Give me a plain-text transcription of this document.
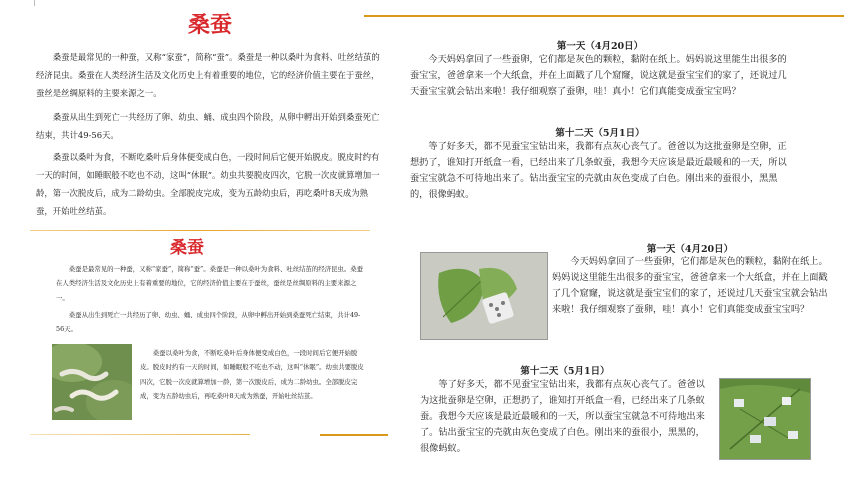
桑蚕

桑蚕是最常见的一种蚕，又称“家蚕”，简称“蚕”。桑蚕是一种以桑叶为食料、吐丝结茧的经济昆虫。桑蚕在人类经济生活及文化历史上有着重要的地位，它的经济价值主要在于蚕丝，蚕丝是丝绸原料的主要来源之一。

桑蚕从出生到死亡一共经历了卵、幼虫、蛹、成虫四个阶段，从卵中孵出开始到桑蚕死亡结束，共计49-56天。

桑蚕以桑叶为食，不断吃桑叶后身体便变成白色，一段时间后它便开始脱皮。脱皮时约有一天的时间，如睡眠般不吃也不动，这叫“休眠”。幼虫共要脱皮四次，它脱一次皮就算增加一龄，第一次脱皮后，成为二龄幼虫。全部脱皮完成，变为五龄幼虫后，再吃桑叶8天成为熟蚕，开始吐丝结茧。

桑蚕

桑蚕是最常见的一种蚕，又称“家蚕”，简称“蚕”。桑蚕是一种以桑叶为食料、吐丝结茧的经济昆虫。桑蚕在人类经济生活及文化历史上有着重要的地位，它的经济价值主要在于蚕丝，蚕丝是丝绸原料的主要来源之一。

桑蚕从出生到死亡一共经历了卵、幼虫、蛹、成虫四个阶段，从卵中孵出开始到桑蚕死亡结束，共计49-56天。

桑蚕以桑叶为食，不断吃桑叶后身体便变成白色，一段时间后它便开始脱皮。脱皮时约有一天的时间，如睡眠般不吃也不动，这叫“休眠”。幼虫共要脱皮四次，它脱一次皮就算增加一龄，第一次脱皮后，成为二龄幼虫。全部脱皮完成，变为五龄幼虫后，再吃桑叶8天成为熟蚕，开始吐丝结茧。

第一天（4月20日）

今天妈妈拿回了一些蚕卵，它们都是灰色的颗粒，黏附在纸上。妈妈说这里能生出很多的蚕宝宝，爸爸拿来一个大纸盒，并在上面戳了几个窟窿，说这就是蚕宝宝们的家了，还说过几天蚕宝宝就会钻出来啦！我仔细观察了蚕卵，哇！真小！它们真能变成蚕宝宝吗？

第十二天（5月1日）

等了好多天，都不见蚕宝宝钻出来，我都有点灰心丧气了。爸爸以为这批蚕卵是空卵，正想扔了，谁知打开纸盒一看，已经出来了几条蚁蚕，我想今天应该是最近最暖和的一天，所以蚕宝宝就急不可待地出来了。钻出蚕宝宝的壳就由灰色变成了白色。刚出来的蚕很小，黑黑的，很像蚂蚁。

第一天（4月20日）

今天妈妈拿回了一些蚕卵，它们都是灰色的颗粒，黏附在纸上。妈妈说这里能生出很多的蚕宝宝，爸爸拿来一个大纸盒，并在上面戳了几个窟窿，说这就是蚕宝宝们的家了，还说过几天蚕宝宝就会钻出来啦！我仔细观察了蚕卵，哇！真小！它们真能变成蚕宝宝吗？

第十二天（5月1日）

等了好多天，都不见蚕宝宝钻出来，我都有点灰心丧气了。爸爸以为这批蚕卵是空卵，正想扔了，谁知打开纸盒一看，已经出来了几条蚁蚕。我想今天应该是最近最暖和的一天，所以蚕宝宝就急不可待地出来了。钻出蚕宝宝的壳就由灰色变成了白色。刚出来的蚕很小，黑黑的，很像蚂蚁。
